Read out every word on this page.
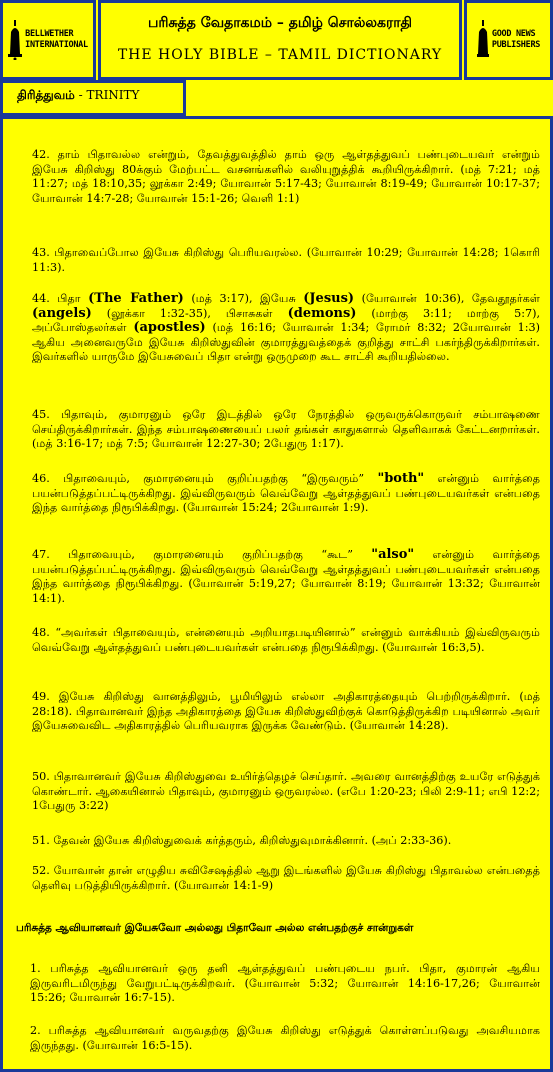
BELLWETHER
INTERNATIONAL
பரிசுத்த வேதாகமம் – தமிழ் சொல்லகராதி
THE HOLY BIBLE – TAMIL DICTIONARY
GOOD NEWS
PUBLISHERS
திரித்துவம் - TRINITY
42. தாம் பிதாவல்ல என்றும், தேவத்துவத்தில் தாம் ஒரு ஆள்தத்துவப் பண்புடையவர் என்றும் இயேசு கிறிஸ்து 80க்கும் மேற்பட்ட வசனங்களில் வலியுறுத்திக் கூறியிருக்கிறார். (மத் 7:21; மத் 11:27; மத் 18:10,35; லூக்கா 2:49; யோவான் 5:17-43; யோவான் 8:19-49; யோவான் 10:17-37; யோவான் 14:7-28; யோவான் 15:1-26; வெளி 1:1)
43. பிதாவைப்போல இயேசு கிறிஸ்து பெரியவரல்ல. (யோவான் 10:29; யோவான் 14:28; 1கொரி 11:3).
44. பிதா (The Father) (மத் 3:17), இயேசு (Jesus) (யோவான் 10:36), தேவதூதர்கள் (angels) (லூக்கா 1:32-35), பிசாசுகள் (demons) (மாற்கு 3:11; மாற்கு 5:7), அப்போஸ்தலர்கள் (apostles) (மத் 16:16; யோவான் 1:34; ரோமர் 8:32; 2யோவான் 1:3) ஆகிய அனைவருமே இயேசு கிறிஸ்துவின் குமாரத்துவத்தைக் குறித்து சாட்சி பகர்ந்திருக்கிறார்கள். இவர்களில் யாருமே இயேசுவைப் பிதா என்று ஒருமுறை கூட சாட்சி கூறியதில்லை.
45. பிதாவும், குமாரனும் ஒரே இடத்தில் ஒரே நேரத்தில் ஒருவருக்கொருவர் சம்பாஷணை செய்திருக்கிறார்கள். இந்த சம்பாஷணையைப் பலர் தங்கள் காதுகளால் தெளிவாகக் கேட்டனறார்கள். (மத் 3:16-17; மத் 7:5; யோவான் 12:27-30; 2பேதுரு 1:17).
46. பிதாவையும், குமாரனையும் குறிப்பதற்கு “இருவரும்” "both" என்னும் வார்த்தை பயன்படுத்தப்பட்டிருக்கிறது. இவ்விருவரும் வெவ்வேறு ஆள்தத்துவப் பண்புடையவர்கள் என்பதை இந்த வார்த்தை நிரூபிக்கிறது. (யோவான் 15:24; 2யோவான் 1:9).
47. பிதாவையும், குமாரனையும் குறிப்பதற்கு “கூட” "also" என்னும் வார்த்தை பயன்படுத்தப்பட்டிருக்கிறது. இவ்விருவரும் வெவ்வேறு ஆள்தத்துவப் பண்புடையவர்கள் என்பதை இந்த வார்த்தை நிரூபிக்கிறது. (யோவான் 5:19,27; யோவான் 8:19; யோவான் 13:32; யோவான் 14:1).
48. “அவர்கள் பிதாவையும், என்னையும் அறியாதபடியினால்” என்னும் வாக்கியம் இவ்விருவரும் வெவ்வேறு ஆள்தத்துவப் பண்புடையவர்கள் என்பதை நிரூபிக்கிறது. (யோவான் 16:3,5).
49. இயேசு கிறிஸ்து வானத்திலும், பூமியிலும் எல்லா அதிகாரத்தையும் பெற்றிருக்கிறார். (மத் 28:18). பிதாவானவர் இந்த அதிகாரத்தை இயேசு கிறிஸ்துவிற்குக் கொடுத்திருக்கிற படியினால் அவர் இயேசுவைவிட அதிகாரத்தில் பெரியவராக இருக்க வேண்டும். (யோவான் 14:28).
50. பிதாவானவர் இயேசு கிறிஸ்துவை உயிர்த்தெழச் செய்தார். அவரை வானத்திற்கு உயரே எடுத்துக் கொண்டார். ஆகையினால் பிதாவும், குமாரனும் ஒருவரல்ல. (எபே 1:20-23; பிலி 2:9-11; எபி 12:2; 1பேதுரு 3:22)
51. தேவன் இயேசு கிறிஸ்துவைக் கர்த்தரும், கிறிஸ்துவுமாக்கினார். (அப் 2:33-36).
52. யோவான் தான் எழுதிய சுவிசேஷத்தில் ஆறு இடங்களில் இயேசு கிறிஸ்து பிதாவல்ல என்பதைத் தெளிவு படுத்தியிருக்கிறார். (யோவான் 14:1-9)
பரிசுத்த ஆவியானவர் இயேசுவோ அல்லது பிதாவோ அல்ல என்பதற்குச் சான்றுகள்
1. பரிசுத்த ஆவியானவர் ஒரு தனி ஆள்தத்துவப் பண்புடைய நபர். பிதா, குமாரன் ஆகிய இருவரிடமிருந்து வேறுபட்டிருக்கிறவர். (யோவான் 5:32; யோவான் 14:16-17,26; யோவான் 15:26; யோவான் 16:7-15).
2. பரிசுத்த ஆவியானவர் வருவதற்கு இயேசு கிறிஸ்து எடுத்துக் கொள்ளப்படுவது அவசியமாக இருந்தது. (யோவான் 16:5-15).
